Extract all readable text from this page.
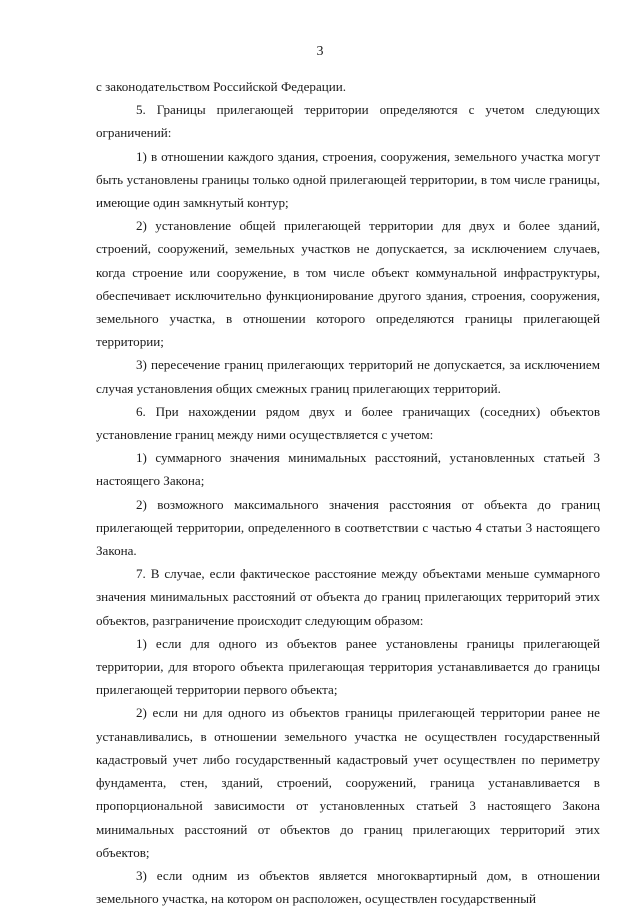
3

с законодательством Российской Федерации.

5. Границы прилегающей территории определяются с учетом следующих ограничений:

1) в отношении каждого здания, строения, сооружения, земельного участка могут быть установлены границы только одной прилегающей территории, в том числе границы, имеющие один замкнутый контур;

2) установление общей прилегающей территории для двух и более зданий, строений, сооружений, земельных участков не допускается, за исключением случаев, когда строение или сооружение, в том числе объект коммунальной инфраструктуры, обеспечивает исключительно функционирование другого здания, строения, сооружения, земельного участка, в отношении которого определяются границы прилегающей территории;

3) пересечение границ прилегающих территорий не допускается, за исключением случая установления общих смежных границ прилегающих территорий.

6. При нахождении рядом двух и более граничащих (соседних) объектов установление границ между ними осуществляется с учетом:

1) суммарного значения минимальных расстояний, установленных статьей 3 настоящего Закона;

2) возможного максимального значения расстояния от объекта до границ прилегающей территории, определенного в соответствии с частью 4 статьи 3 настоящего Закона.

7. В случае, если фактическое расстояние между объектами меньше суммарного значения минимальных расстояний от объекта до границ прилегающих территорий этих объектов, разграничение происходит следующим образом:

1) если для одного из объектов ранее установлены границы прилегающей территории, для второго объекта прилегающая территория устанавливается до границы прилегающей территории первого объекта;

2) если ни для одного из объектов границы прилегающей территории ранее не устанавливались, в отношении земельного участка не осуществлен государственный кадастровый учет либо государственный кадастровый учет осуществлен по периметру фундамента, стен, зданий, строений, сооружений, граница устанавливается в пропорциональной зависимости от установленных статьей 3 настоящего Закона минимальных расстояний от объектов до границ прилегающих территорий этих объектов;

3) если одним из объектов является многоквартирный дом, в отношении земельного участка, на котором он расположен, осуществлен государственный
